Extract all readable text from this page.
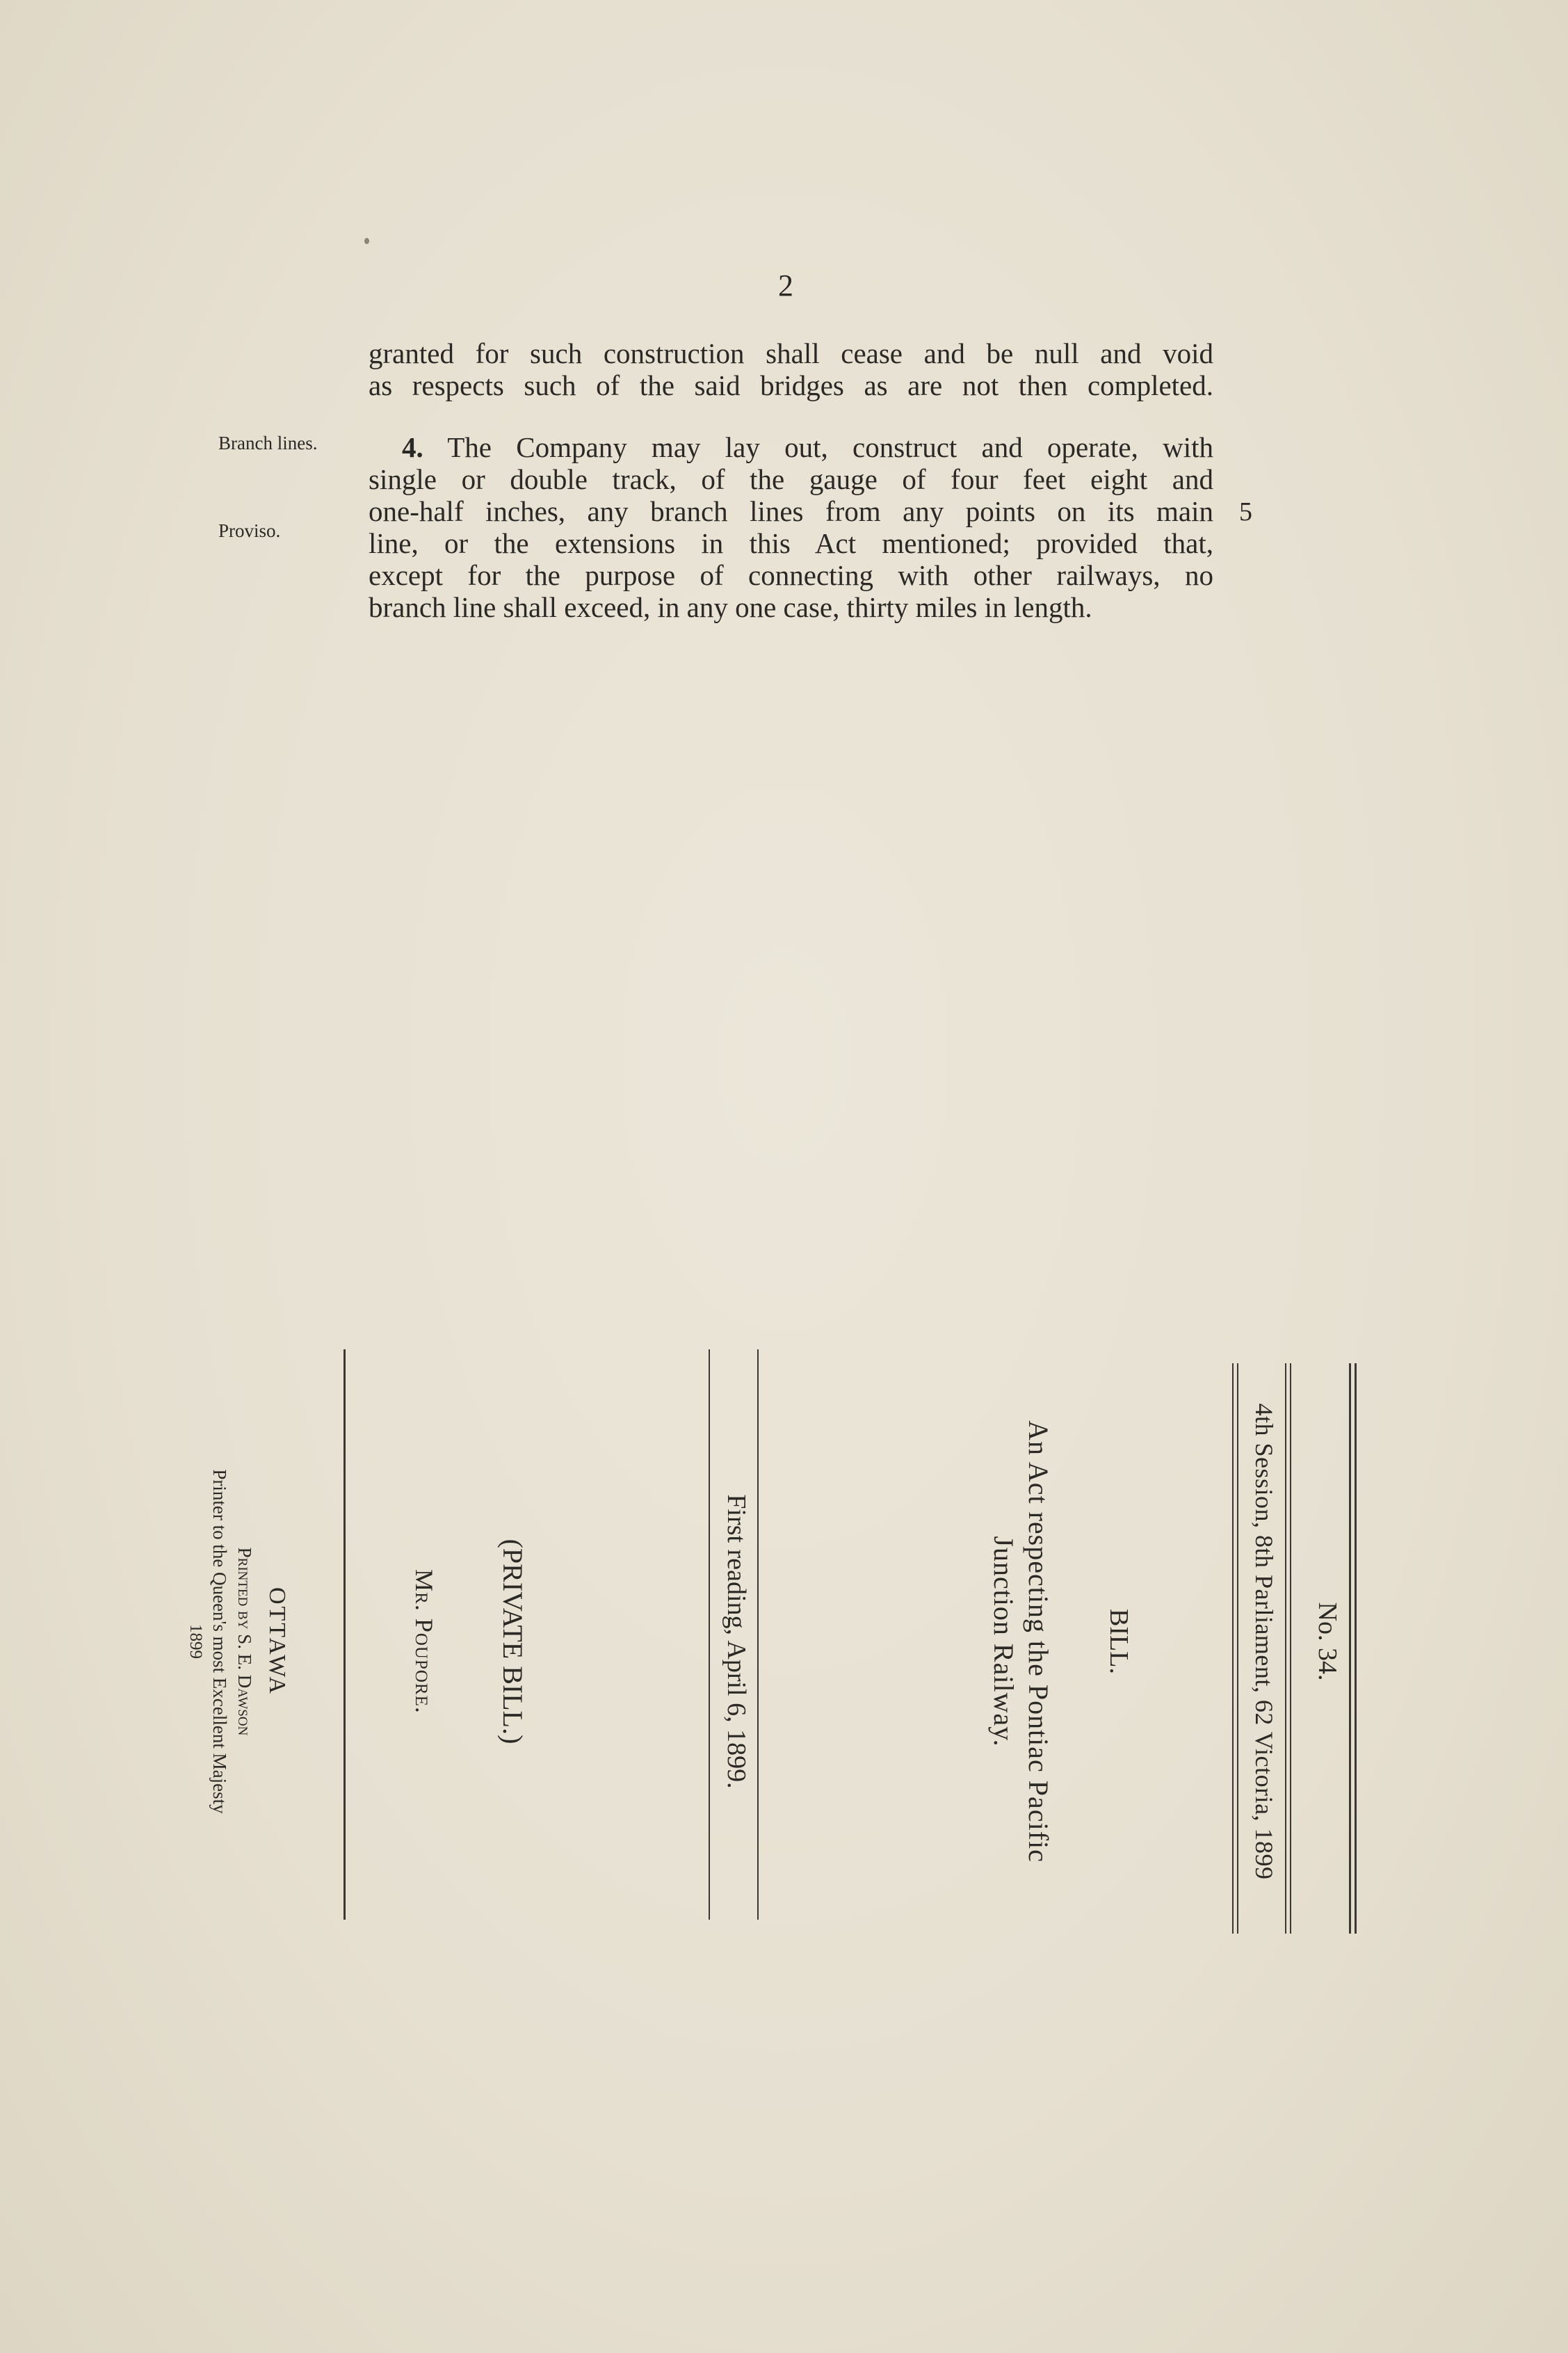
2
granted for such construction shall cease and be null and void
as respects such of the said bridges as are not then completed.
Branch lines.
Proviso.
4. The Company may lay out, construct and operate, with
single or double track, of the gauge of four feet eight and
one-half inches, any branch lines from any points on its main
line, or the extensions in this Act mentioned; provided that,
except for the purpose of connecting with other railways, no
branch line shall exceed, in any one case, thirty miles in length.
5
No. 34.
4th Session, 8th Parliament, 62 Victoria, 1899
BILL.
An Act respecting the Pontiac Pacific
Junction Railway.
First reading, April 6, 1899.
(PRIVATE BILL.)
Mr. Poupore.
OTTAWA
Printed by S. E. Dawson
Printer to the Queen's most Excellent Majesty
1899
